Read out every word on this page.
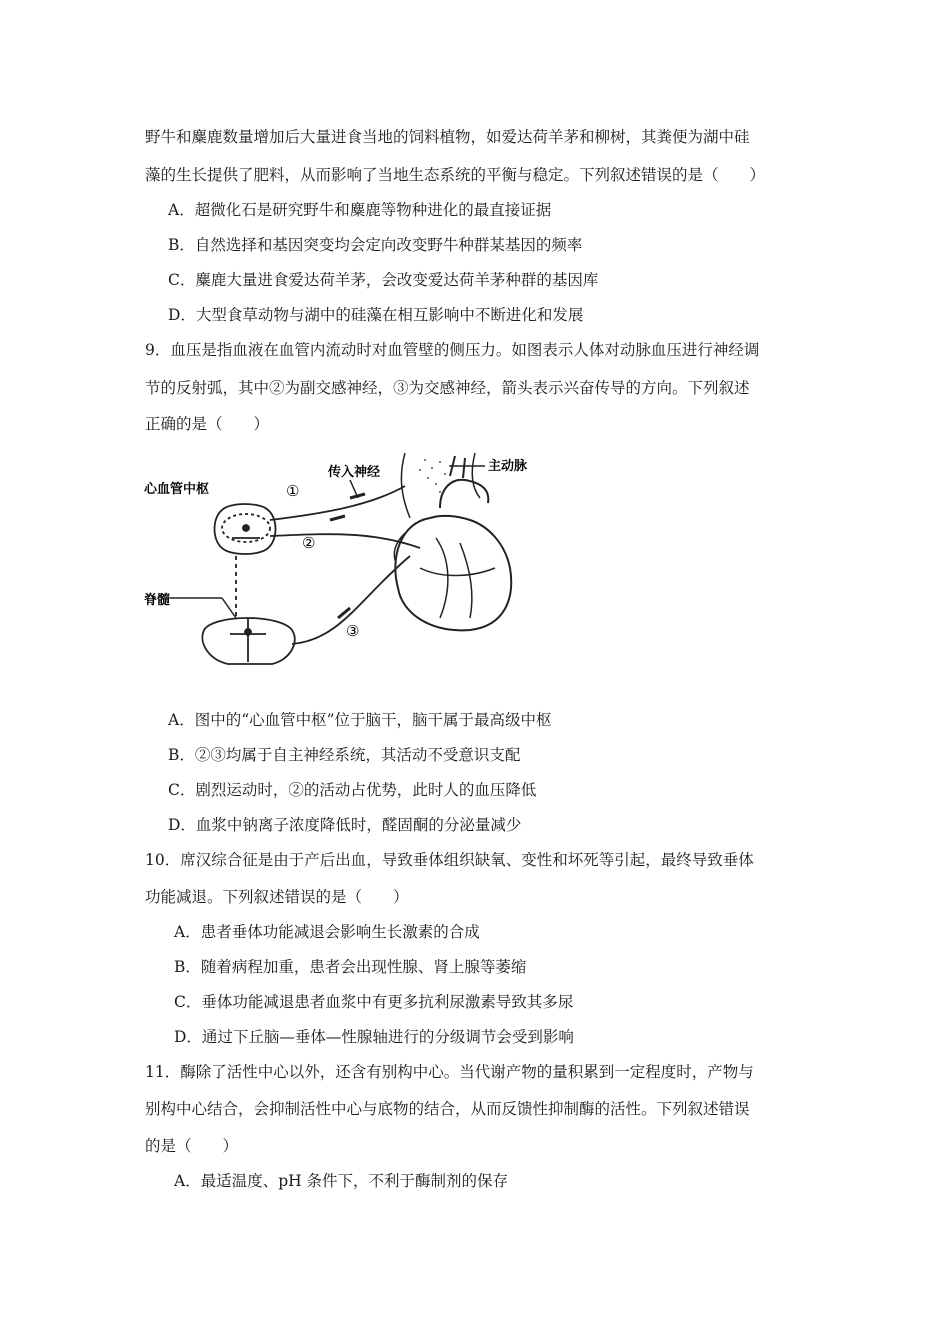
野牛和麋鹿数量增加后大量进食当地的饲料植物，如爱达荷羊茅和柳树，其粪便为湖中硅
藻的生长提供了肥料，从而影响了当地生态系统的平衡与稳定。下列叙述错误的是（　　）
A．超微化石是研究野牛和麋鹿等物种进化的最直接证据
B．自然选择和基因突变均会定向改变野牛种群某基因的频率
C．麋鹿大量进食爱达荷羊茅，会改变爱达荷羊茅种群的基因库
D．大型食草动物与湖中的硅藻在相互影响中不断进化和发展
9．血压是指血液在血管内流动时对血管壁的侧压力。如图表示人体对动脉血压进行神经调
节的反射弧，其中②为副交感神经，③为交感神经，箭头表示兴奋传导的方向。下列叙述
正确的是（　　）
心血管中枢
传入神经	主动脉
脊髓
①
②
③
A．图中的“心血管中枢”位于脑干，脑干属于最高级中枢
B．②③均属于自主神经系统，其活动不受意识支配
C．剧烈运动时，②的活动占优势，此时人的血压降低
D．血浆中钠离子浓度降低时，醛固酮的分泌量减少
10．席汉综合征是由于产后出血，导致垂体组织缺氧、变性和坏死等引起，最终导致垂体
功能减退。下列叙述错误的是（　　）
A．患者垂体功能减退会影响生长激素的合成
B．随着病程加重，患者会出现性腺、肾上腺等萎缩
C．垂体功能减退患者血浆中有更多抗利尿激素导致其多尿
D．通过下丘脑—垂体—性腺轴进行的分级调节会受到影响
11．酶除了活性中心以外，还含有别构中心。当代谢产物的量积累到一定程度时，产物与
别构中心结合，会抑制活性中心与底物的结合，从而反馈性抑制酶的活性。下列叙述错误
的是（　　）
A．最适温度、pH 条件下，不利于酶制剂的保存
